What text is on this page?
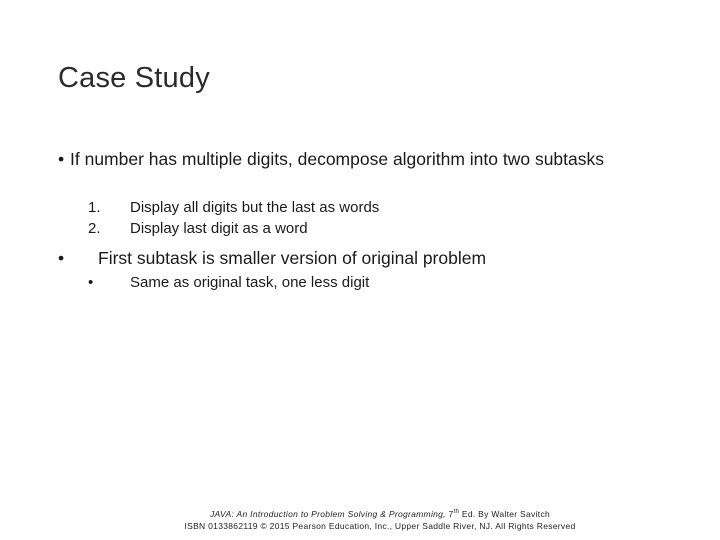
Case Study
• If number has multiple digits, decompose algorithm into two subtasks
1. Display all digits but the last as words
2. Display last digit as a word
• First subtask is smaller version of original problem
• Same as original task, one less digit
JAVA: An Introduction to Problem Solving & Programming, 7th Ed. By Walter Savitch
ISBN 0133862119 © 2015 Pearson Education, Inc., Upper Saddle River, NJ. All Rights Reserved
